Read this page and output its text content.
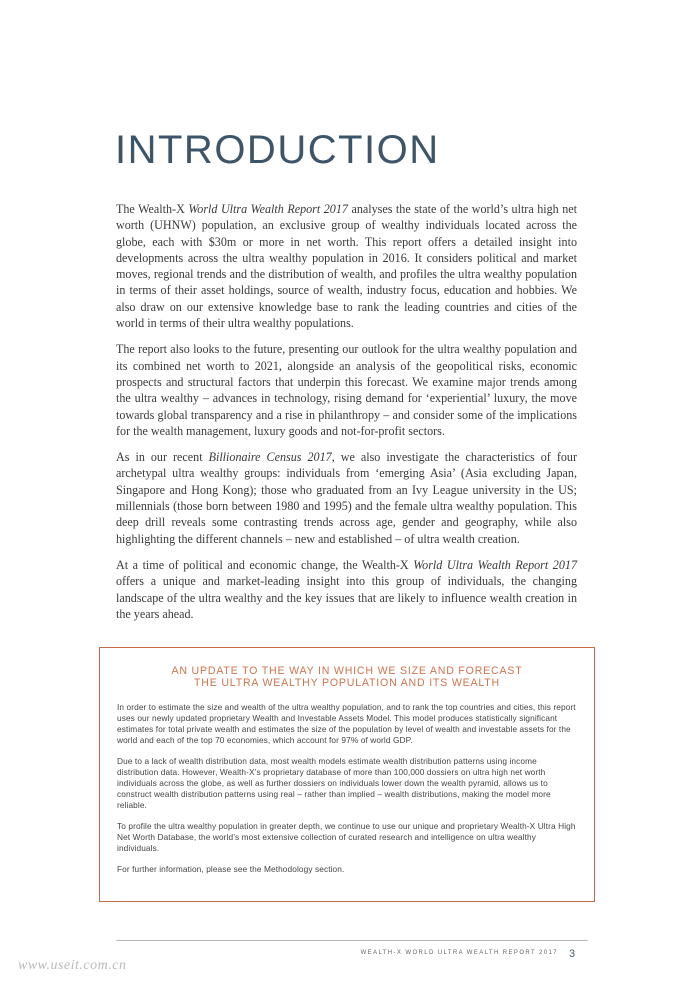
INTRODUCTION

The Wealth-X World Ultra Wealth Report 2017 analyses the state of the world’s ultra high net worth (UHNW) population, an exclusive group of wealthy individuals located across the globe, each with $30m or more in net worth. This report offers a detailed insight into developments across the ultra wealthy population in 2016. It considers political and market moves, regional trends and the distribution of wealth, and profiles the ultra wealthy population in terms of their asset holdings, source of wealth, industry focus, education and hobbies. We also draw on our extensive knowledge base to rank the leading countries and cities of the world in terms of their ultra wealthy populations.

The report also looks to the future, presenting our outlook for the ultra wealthy population and its combined net worth to 2021, alongside an analysis of the geopolitical risks, economic prospects and structural factors that underpin this forecast. We examine major trends among the ultra wealthy – advances in technology, rising demand for ‘experiential’ luxury, the move towards global transparency and a rise in philanthropy – and consider some of the implications for the wealth management, luxury goods and not-for-profit sectors.

As in our recent Billionaire Census 2017, we also investigate the characteristics of four archetypal ultra wealthy groups: individuals from ‘emerging Asia’ (Asia excluding Japan, Singapore and Hong Kong); those who graduated from an Ivy League university in the US; millennials (those born between 1980 and 1995) and the female ultra wealthy population. This deep drill reveals some contrasting trends across age, gender and geography, while also highlighting the different channels – new and established – of ultra wealth creation.

At a time of political and economic change, the Wealth-X World Ultra Wealth Report 2017 offers a unique and market-leading insight into this group of individuals, the changing landscape of the ultra wealthy and the key issues that are likely to influence wealth creation in the years ahead.

AN UPDATE TO THE WAY IN WHICH WE SIZE AND FORECAST
THE ULTRA WEALTHY POPULATION AND ITS WEALTH

In order to estimate the size and wealth of the ultra wealthy population, and to rank the top countries and cities, this report uses our newly updated proprietary Wealth and Investable Assets Model. This model produces statistically significant estimates for total private wealth and estimates the size of the population by level of wealth and investable assets for the world and each of the top 70 economies, which account for 97% of world GDP.

Due to a lack of wealth distribution data, most wealth models estimate wealth distribution patterns using income distribution data. However, Wealth-X’s proprietary database of more than 100,000 dossiers on ultra high net worth individuals across the globe, as well as further dossiers on individuals lower down the wealth pyramid, allows us to construct wealth distribution patterns using real – rather than implied – wealth distributions, making the model more reliable.

To profile the ultra wealthy population in greater depth, we continue to use our unique and proprietary Wealth-X Ultra High Net Worth Database, the world’s most extensive collection of curated research and intelligence on ultra wealthy individuals.

For further information, please see the Methodology section.

WEALTH-X WORLD ULTRA WEALTH REPORT 2017 3
www.useit.com.cn
